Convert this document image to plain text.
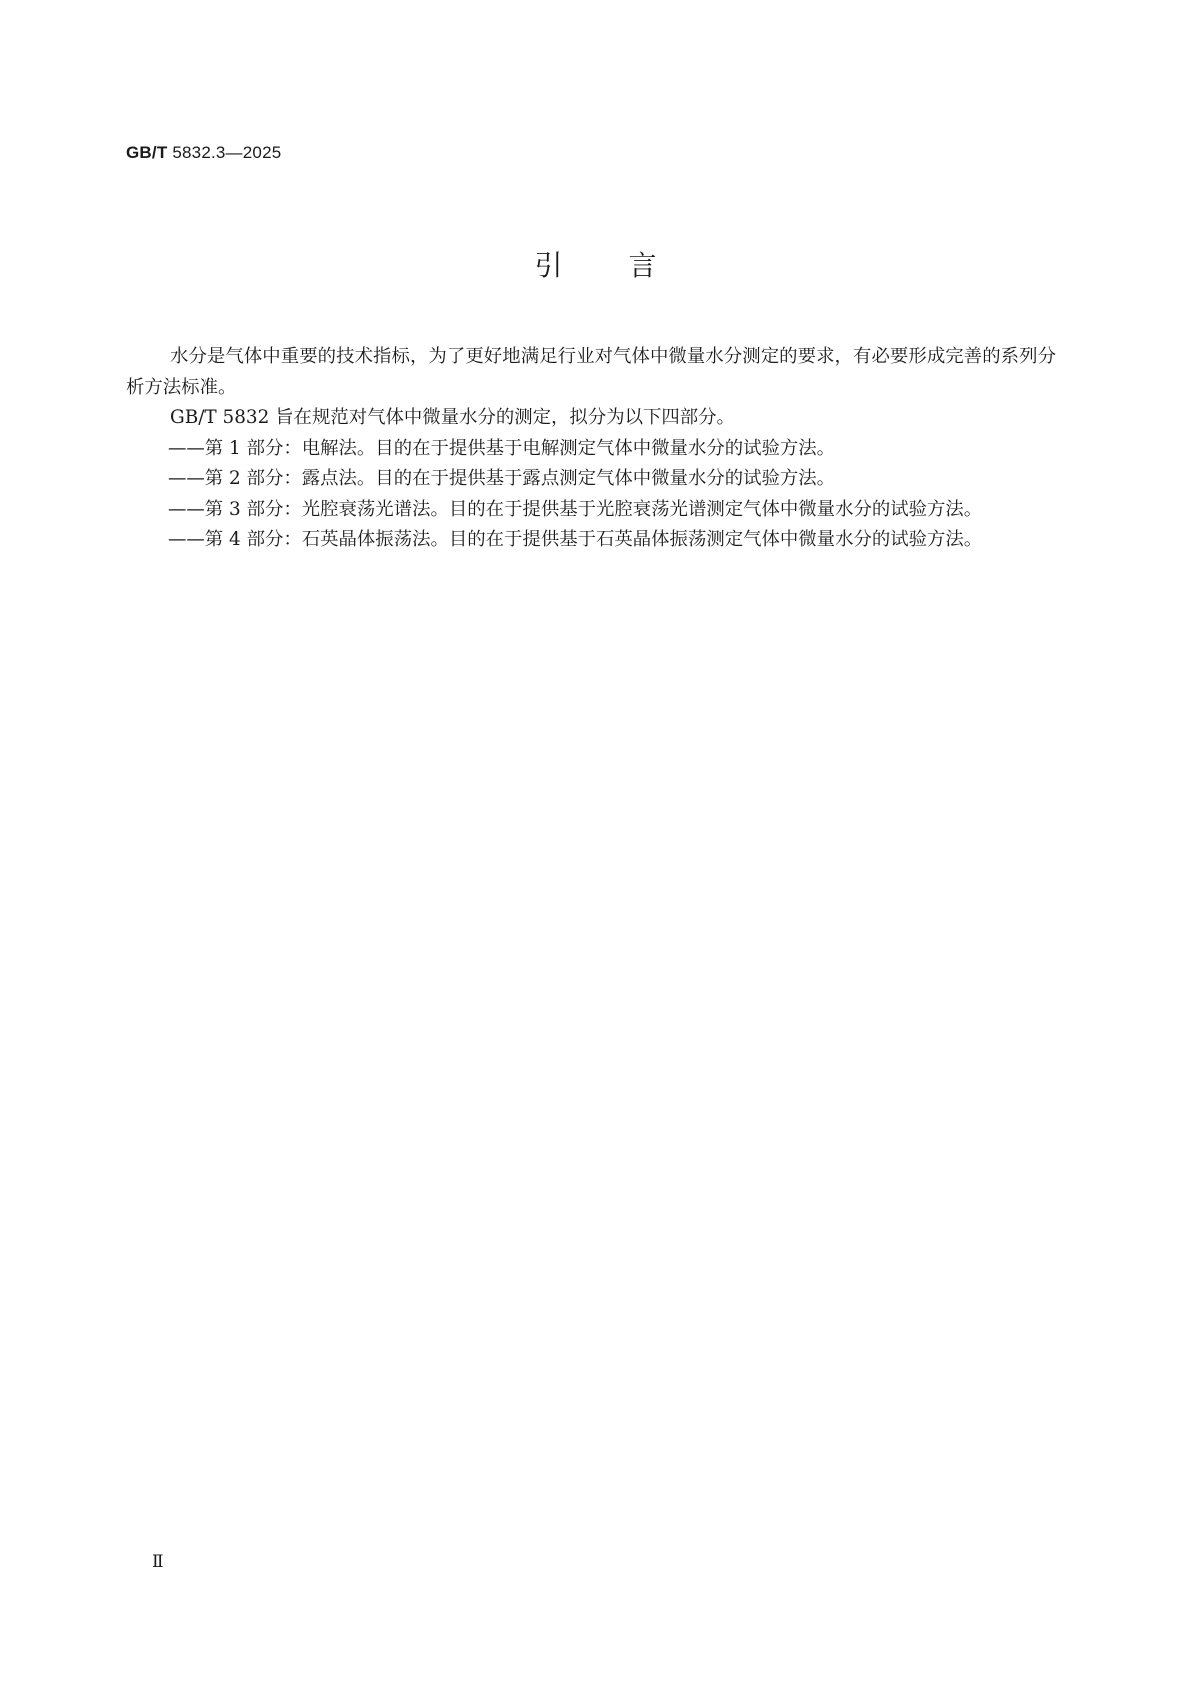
GB/T 5832.3—2025
引言

水分是气体中重要的技术指标，为了更好地满足行业对气体中微量水分测定的要求，有必要形成完善的系列分析方法标准。

GB/T 5832 旨在规范对气体中微量水分的测定，拟分为以下四部分。

——第 1 部分：电解法。目的在于提供基于电解测定气体中微量水分的试验方法。

——第 2 部分：露点法。目的在于提供基于露点测定气体中微量水分的试验方法。

——第 3 部分：光腔衰荡光谱法。目的在于提供基于光腔衰荡光谱测定气体中微量水分的试验方法。

——第 4 部分：石英晶体振荡法。目的在于提供基于石英晶体振荡测定气体中微量水分的试验方法。

Ⅱ
